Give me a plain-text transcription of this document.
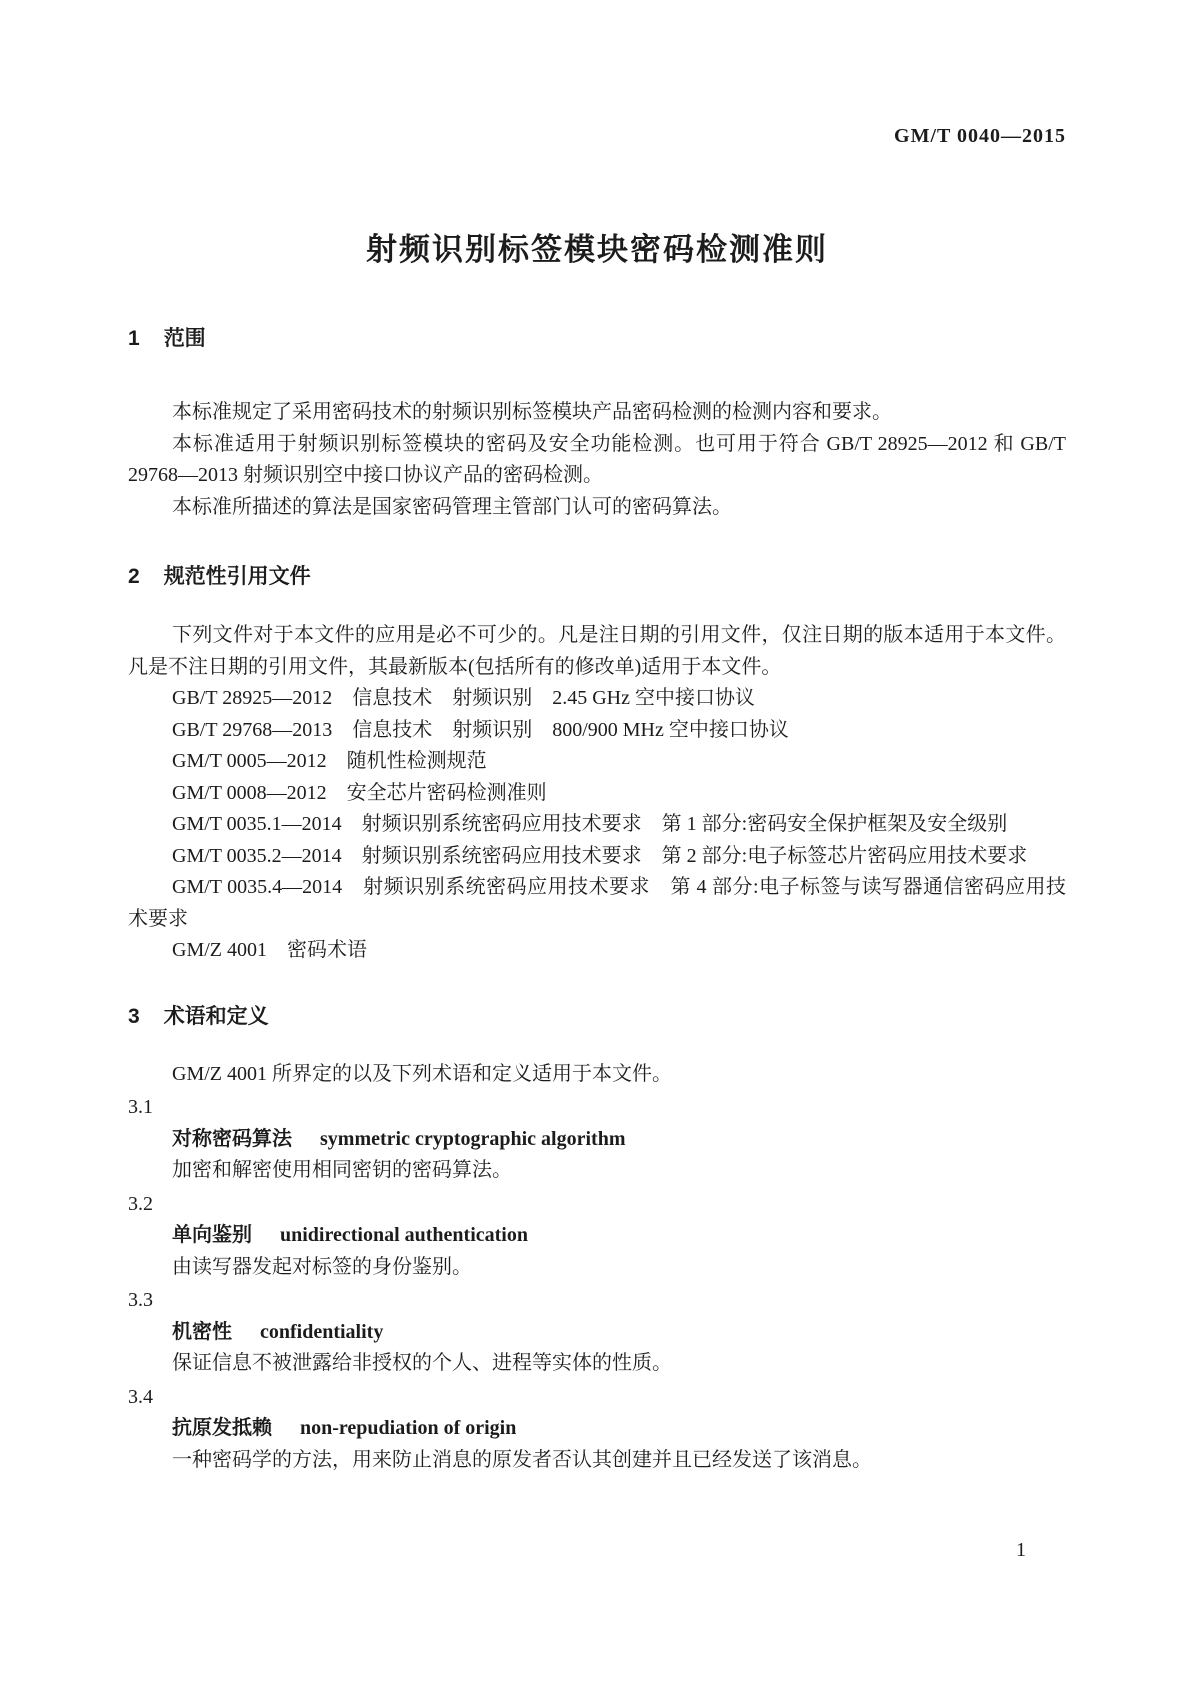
GM/T 0040—2015
射频识别标签模块密码检测准则
1 范围

本标准规定了采用密码技术的射频识别标签模块产品密码检测的检测内容和要求。

本标准适用于射频识别标签模块的密码及安全功能检测。也可用于符合 GB/T 28925—2012 和 GB/T 29768—2013 射频识别空中接口协议产品的密码检测。

本标准所描述的算法是国家密码管理主管部门认可的密码算法。

2 规范性引用文件

下列文件对于本文件的应用是必不可少的。凡是注日期的引用文件，仅注日期的版本适用于本文件。凡是不注日期的引用文件，其最新版本(包括所有的修改单)适用于本文件。

GB/T 28925—2012　信息技术　射频识别　2.45 GHz 空中接口协议

GB/T 29768—2013　信息技术　射频识别　800/900 MHz 空中接口协议

GM/T 0005—2012　随机性检测规范

GM/T 0008—2012　安全芯片密码检测准则

GM/T 0035.1—2014　射频识别系统密码应用技术要求　第 1 部分:密码安全保护框架及安全级别

GM/T 0035.2—2014　射频识别系统密码应用技术要求　第 2 部分:电子标签芯片密码应用技术要求

GM/T 0035.4—2014　射频识别系统密码应用技术要求　第 4 部分:电子标签与读写器通信密码应用技术要求

GM/Z 4001　密码术语

3 术语和定义

GM/Z 4001 所界定的以及下列术语和定义适用于本文件。

3.1
对称密码算法 symmetric cryptographic algorithm

加密和解密使用相同密钥的密码算法。

3.2
单向鉴别 unidirectional authentication

由读写器发起对标签的身份鉴别。

3.3
机密性 confidentiality

保证信息不被泄露给非授权的个人、进程等实体的性质。

3.4
抗原发抵赖 non-repudiation of origin

一种密码学的方法，用来防止消息的原发者否认其创建并且已经发送了该消息。

1
